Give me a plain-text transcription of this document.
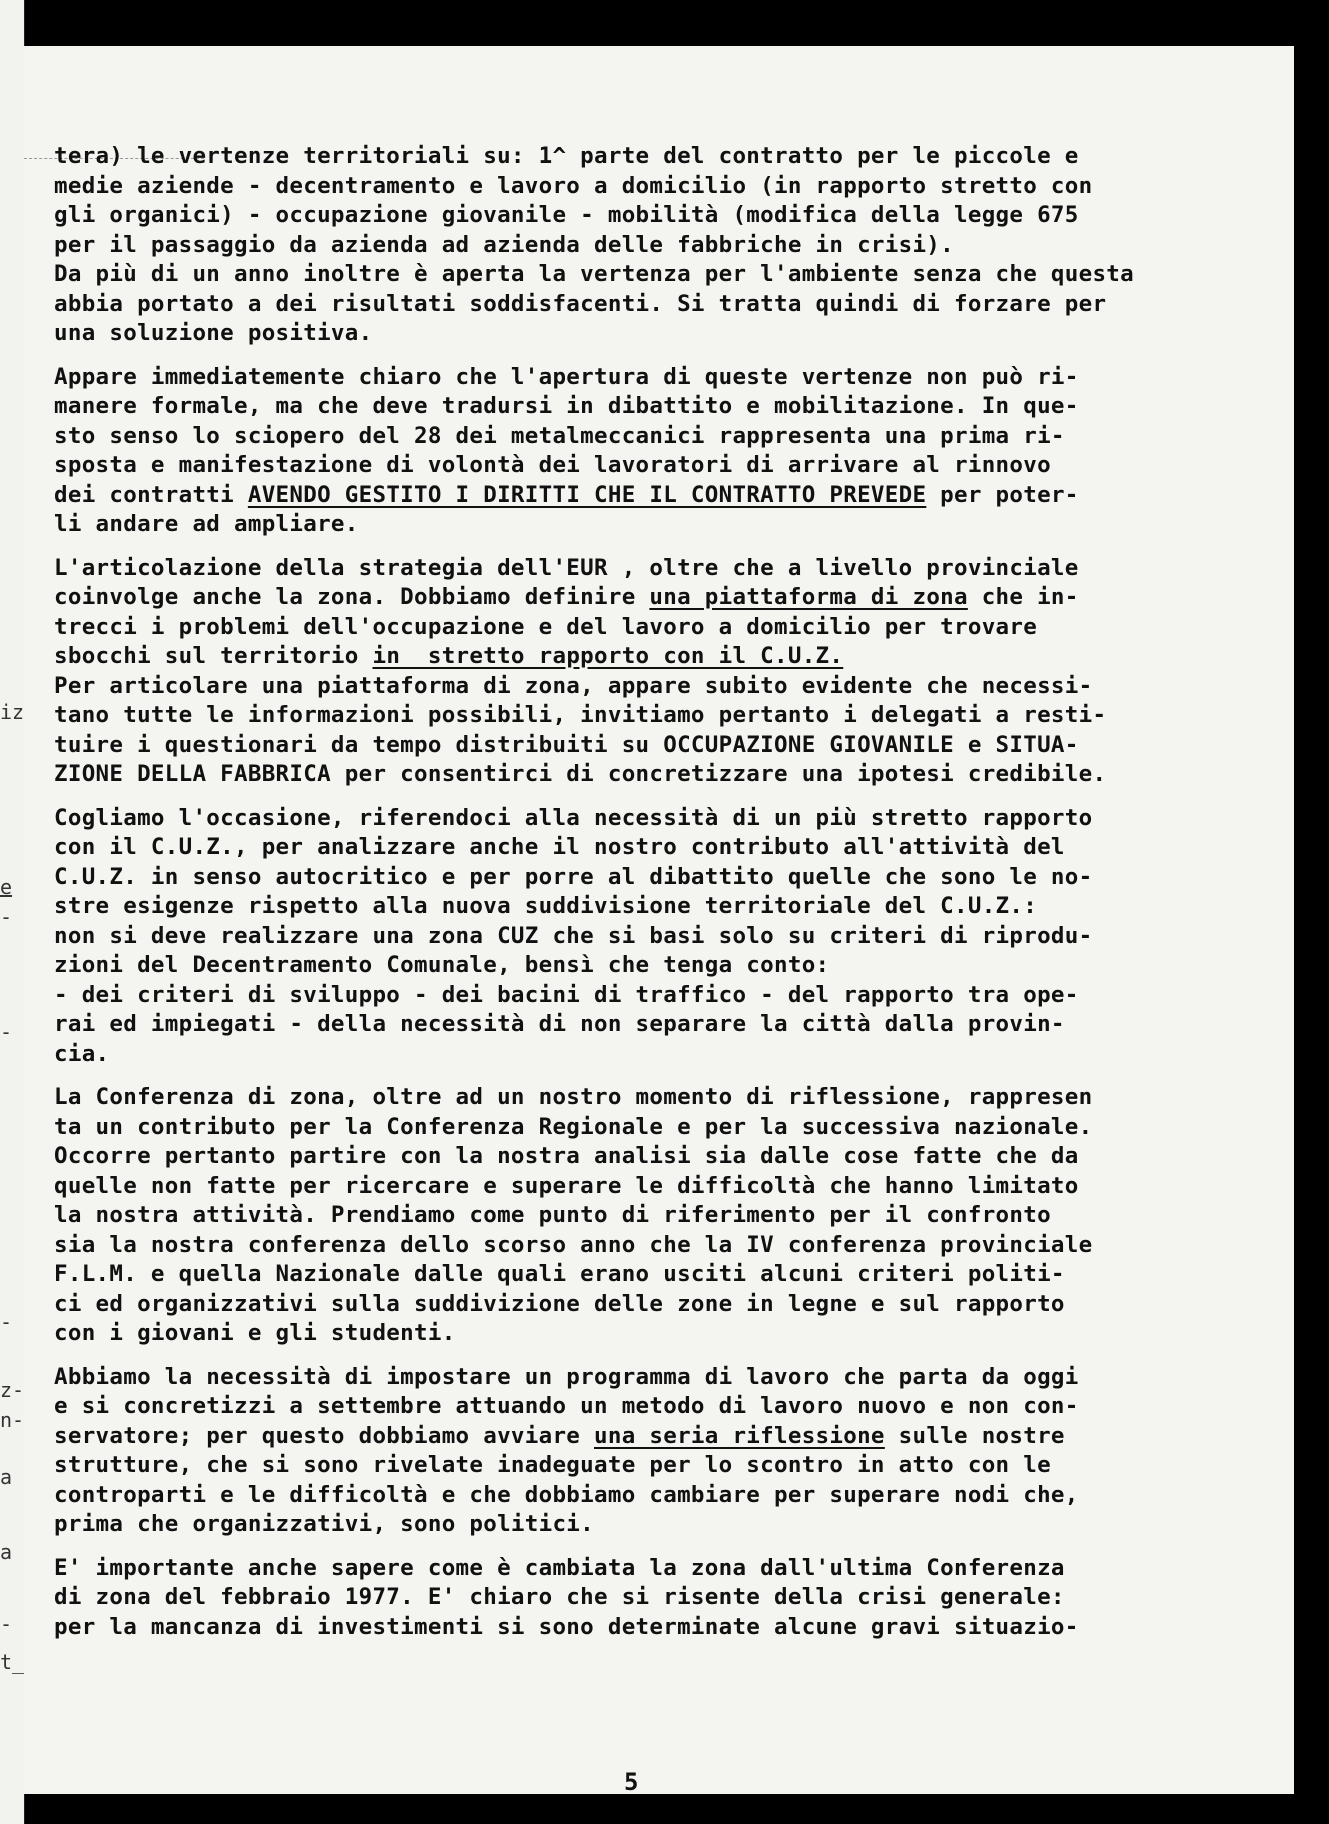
iz
e
-
-
-
z-
n-
a
a
-
t_
tera) le vertenze territoriali su: 1^ parte del contratto per le piccole e
medie aziende - decentramento e lavoro a domicilio (in rapporto stretto con
gli organici) - occupazione giovanile - mobilità (modifica della legge 675
per il passaggio da azienda ad azienda delle fabbriche in crisi).
Da più di un anno inoltre è aperta la vertenza per l'ambiente senza che questa
abbia portato a dei risultati soddisfacenti. Si tratta quindi di forzare per
una soluzione positiva.
Appare immediatemente chiaro che l'apertura di queste vertenze non può ri-
manere formale, ma che deve tradursi in dibattito e mobilitazione. In que-
sto senso lo sciopero del 28 dei metalmeccanici rappresenta una prima ri-
sposta e manifestazione di volontà dei lavoratori di arrivare al rinnovo
dei contratti AVENDO GESTITO I DIRITTI CHE IL CONTRATTO PREVEDE per poter-
li andare ad ampliare.
L'articolazione della strategia dell'EUR , oltre che a livello provinciale
coinvolge anche la zona. Dobbiamo definire una piattaforma di zona che in-
trecci i problemi dell'occupazione e del lavoro a domicilio per trovare
sbocchi sul territorio in  stretto rapporto con il C.U.Z.
Per articolare una piattaforma di zona, appare subito evidente che necessi-
tano tutte le informazioni possibili, invitiamo pertanto i delegati a resti-
tuire i questionari da tempo distribuiti su OCCUPAZIONE GIOVANILE e SITUA-
ZIONE DELLA FABBRICA per consentirci di concretizzare una ipotesi credibile.
Cogliamo l'occasione, riferendoci alla necessità di un più stretto rapporto
con il C.U.Z., per analizzare anche il nostro contributo all'attività del
C.U.Z. in senso autocritico e per porre al dibattito quelle che sono le no-
stre esigenze rispetto alla nuova suddivisione territoriale del C.U.Z.:
non si deve realizzare una zona CUZ che si basi solo su criteri di riprodu-
zioni del Decentramento Comunale, bensì che tenga conto:
- dei criteri di sviluppo - dei bacini di traffico - del rapporto tra ope-
rai ed impiegati - della necessità di non separare la città dalla provin-
cia.
La Conferenza di zona, oltre ad un nostro momento di riflessione, rappresen
ta un contributo per la Conferenza Regionale e per la successiva nazionale.
Occorre pertanto partire con la nostra analisi sia dalle cose fatte che da
quelle non fatte per ricercare e superare le difficoltà che hanno limitato
la nostra attività. Prendiamo come punto di riferimento per il confronto
sia la nostra conferenza dello scorso anno che la IV conferenza provinciale
F.L.M. e quella Nazionale dalle quali erano usciti alcuni criteri politi-
ci ed organizzativi sulla suddivizione delle zone in legne e sul rapporto
con i giovani e gli studenti.
Abbiamo la necessità di impostare un programma di lavoro che parta da oggi
e si concretizzi a settembre attuando un metodo di lavoro nuovo e non con-
servatore; per questo dobbiamo avviare una seria riflessione sulle nostre
strutture, che si sono rivelate inadeguate per lo scontro in atto con le
controparti e le difficoltà e che dobbiamo cambiare per superare nodi che,
prima che organizzativi, sono politici.
E' importante anche sapere come è cambiata la zona dall'ultima Conferenza
di zona del febbraio 1977. E' chiaro che si risente della crisi generale:
per la mancanza di investimenti si sono determinate alcune gravi situazio-
5
